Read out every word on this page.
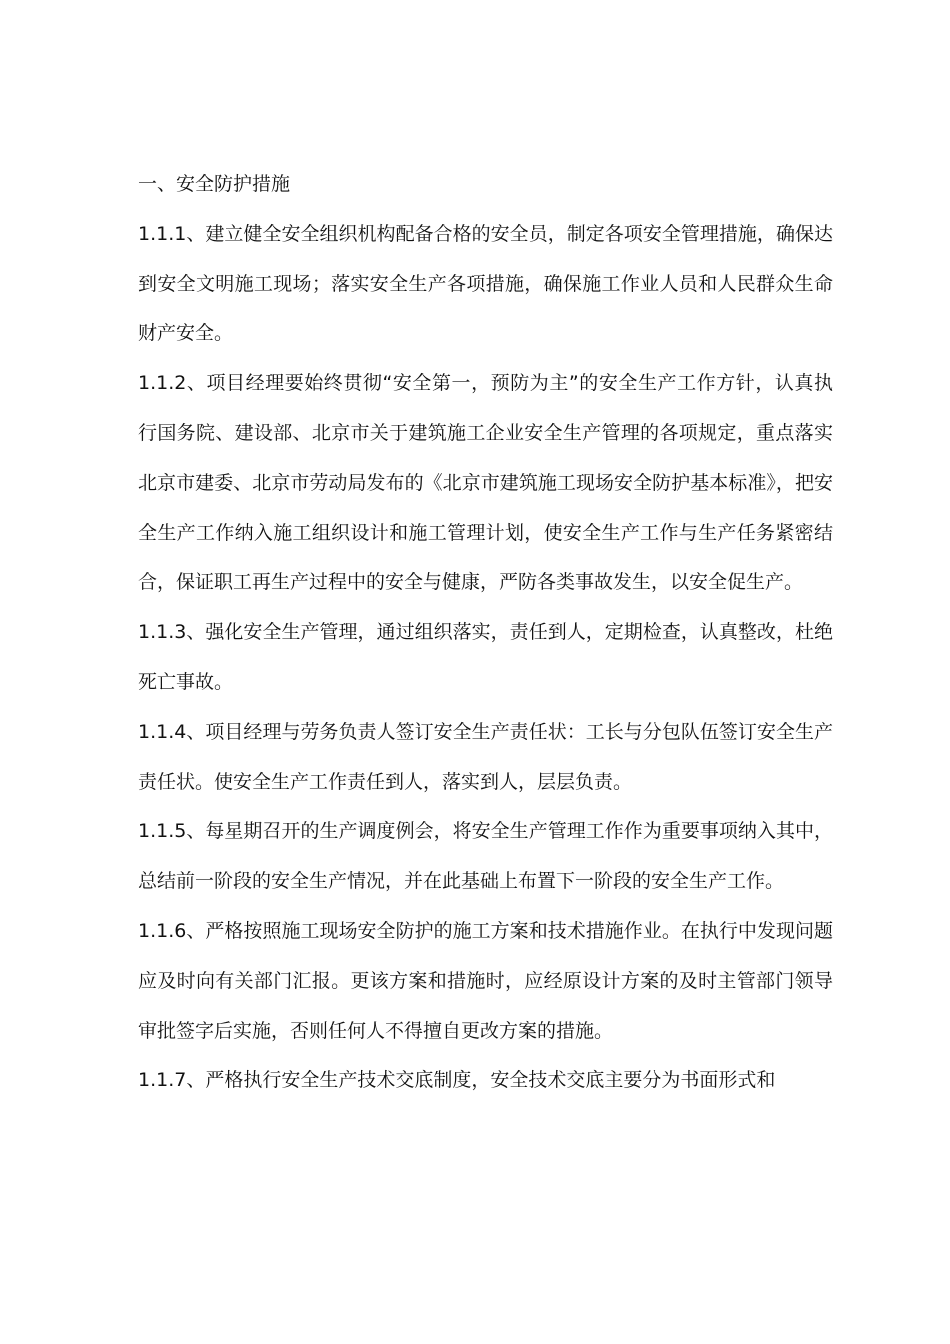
一、安全防护措施

1.1.1、建立健全安全组织机构配备合格的安全员，制定各项安全管理措施，确保达到安全文明施工现场；落实安全生产各项措施，确保施工作业人员和人民群众生命财产安全。

1.1.2、项目经理要始终贯彻“安全第一，预防为主”的安全生产工作方针，认真执行国务院、建设部、北京市关于建筑施工企业安全生产管理的各项规定，重点落实北京市建委、北京市劳动局发布的《北京市建筑施工现场安全防护基本标准》，把安全生产工作纳入施工组织设计和施工管理计划，使安全生产工作与生产任务紧密结合，保证职工再生产过程中的安全与健康，严防各类事故发生，以安全促生产。

1.1.3、强化安全生产管理，通过组织落实，责任到人，定期检查，认真整改，杜绝死亡事故。

1.1.4、项目经理与劳务负责人签订安全生产责任状：工长与分包队伍签订安全生产责任状。使安全生产工作责任到人，落实到人，层层负责。

1.1.5、每星期召开的生产调度例会，将安全生产管理工作作为重要事项纳入其中，总结前一阶段的安全生产情况，并在此基础上布置下一阶段的安全生产工作。

1.1.6、严格按照施工现场安全防护的施工方案和技术措施作业。在执行中发现问题应及时向有关部门汇报。更该方案和措施时，应经原设计方案的及时主管部门领导审批签字后实施，否则任何人不得擅自更改方案的措施。

1.1.7、严格执行安全生产技术交底制度，安全技术交底主要分为书面形式和
